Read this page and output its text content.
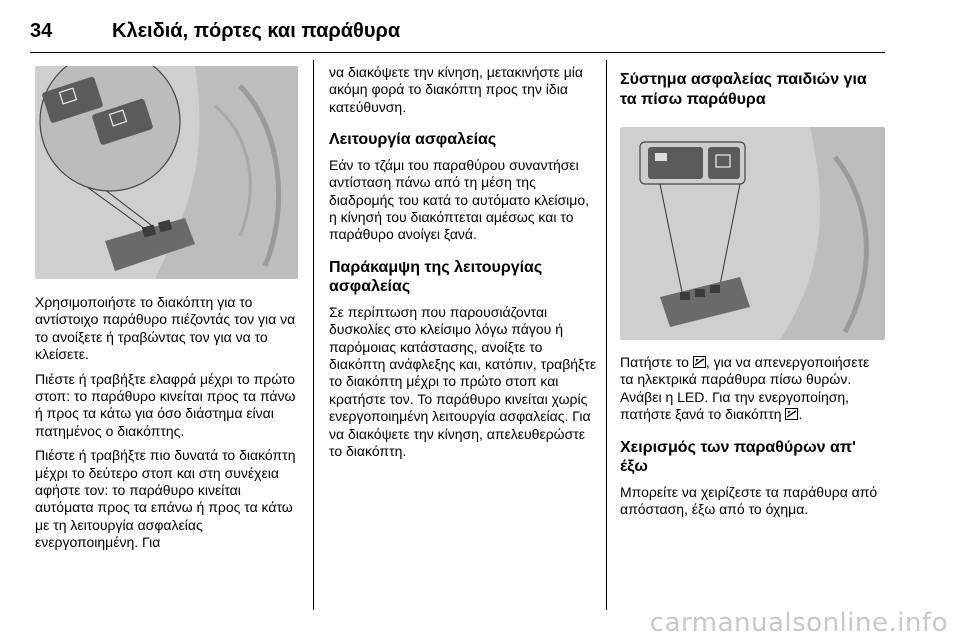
34	Κλειδιά, πόρτες και παράθυρα

Χρησιμοποιήστε το διακόπτη για το αντίστοιχο παράθυρο πιέζοντάς τον για να το ανοίξετε ή τραβώντας τον για να το κλείσετε.

Πιέστε ή τραβήξτε ελαφρά μέχρι το πρώτο στοπ: το παράθυρο κινείται προς τα πάνω ή προς τα κάτω για όσο διάστημα είναι πατημένος ο διακόπτης.

Πιέστε ή τραβήξτε πιο δυνατά το διακόπτη μέχρι το δεύτερο στοπ και στη συνέχεια αφήστε τον: το παράθυρο κινείται αυτόματα προς τα επάνω ή προς τα κάτω με τη λειτουργία ασφαλείας ενεργοποιημένη. Για

να διακόψετε την κίνηση, μετακινήστε μία ακόμη φορά το διακόπτη προς την ίδια κατεύθυνση.

Λειτουργία ασφαλείας

Εάν το τζάμι του παραθύρου συναντήσει αντίσταση πάνω από τη μέση της διαδρομής του κατά το αυτόματο κλείσιμο, η κίνησή του διακόπτεται αμέσως και το παράθυρο ανοίγει ξανά.

Παράκαμψη της λειτουργίας ασφαλείας

Σε περίπτωση που παρουσιάζονται δυσκολίες στο κλείσιμο λόγω πάγου ή παρόμοιας κατάστασης, ανοίξτε το διακόπτη ανάφλεξης και, κατόπιν, τραβήξτε το διακόπτη μέχρι το πρώτο στοπ και κρατήστε τον. Το παράθυρο κινείται χωρίς ενεργοποιημένη λειτουργία ασφαλείας. Για να διακόψετε την κίνηση, απελευθερώστε το διακόπτη.

Σύστημα ασφαλείας παιδιών για τα πίσω παράθυρα

Πατήστε το , για να απενεργοποιήσετε τα ηλεκτρικά παράθυρα πίσω θυρών. Ανάβει η LED. Για την ενεργοποίηση, πατήστε ξανά το διακόπτη .

Χειρισμός των παραθύρων απ' έξω

Μπορείτε να χειρίζεστε τα παράθυρα από απόσταση, έξω από το όχημα.

carmanualsonline.info
